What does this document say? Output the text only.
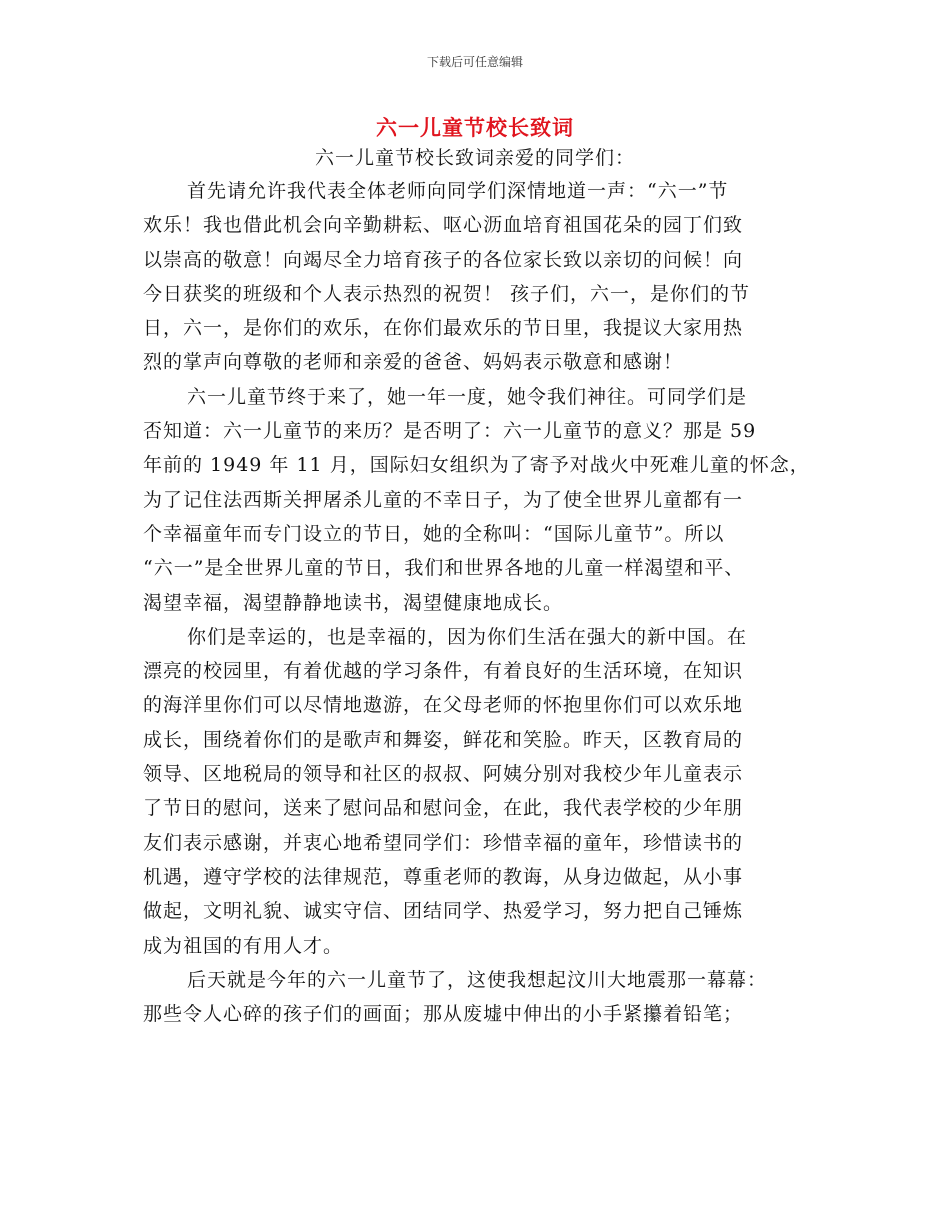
下载后可任意编辑
六一儿童节校长致词
六一儿童节校长致词亲爱的同学们：

首先请允许我代表全体老师向同学们深情地道一声：“六一”节
欢乐！我也借此机会向辛勤耕耘、呕心沥血培育祖国花朵的园丁们致
以崇高的敬意！向竭尽全力培育孩子的各位家长致以亲切的问候！向
今日获奖的班级和个人表示热烈的祝贺！ 孩子们，六一，是你们的节
日，六一，是你们的欢乐，在你们最欢乐的节日里，我提议大家用热
烈的掌声向尊敬的老师和亲爱的爸爸、妈妈表示敬意和感谢！

六一儿童节终于来了，她一年一度，她令我们神往。可同学们是
否知道：六一儿童节的来历？是否明了：六一儿童节的意义？那是 59
年前的 1949 年 11 月，国际妇女组织为了寄予对战火中死难儿童的怀念，
为了记住法西斯关押屠杀儿童的不幸日子，为了使全世界儿童都有一
个幸福童年而专门设立的节日，她的全称叫：“国际儿童节”。所以
“六一”是全世界儿童的节日，我们和世界各地的儿童一样渴望和平、
渴望幸福，渴望静静地读书，渴望健康地成长。

你们是幸运的，也是幸福的，因为你们生活在强大的新中国。在
漂亮的校园里，有着优越的学习条件，有着良好的生活环境，在知识
的海洋里你们可以尽情地遨游，在父母老师的怀抱里你们可以欢乐地
成长，围绕着你们的是歌声和舞姿，鲜花和笑脸。昨天，区教育局的
领导、区地税局的领导和社区的叔叔、阿姨分别对我校少年儿童表示
了节日的慰问，送来了慰问品和慰问金，在此，我代表学校的少年朋
友们表示感谢，并衷心地希望同学们：珍惜幸福的童年，珍惜读书的
机遇，遵守学校的法律规范，尊重老师的教诲，从身边做起，从小事
做起，文明礼貌、诚实守信、团结同学、热爱学习，努力把自己锤炼
成为祖国的有用人才。

后天就是今年的六一儿童节了，这使我想起汶川大地震那一幕幕：
那些令人心碎的孩子们的画面；那从废墟中伸出的小手紧攥着铅笔；
